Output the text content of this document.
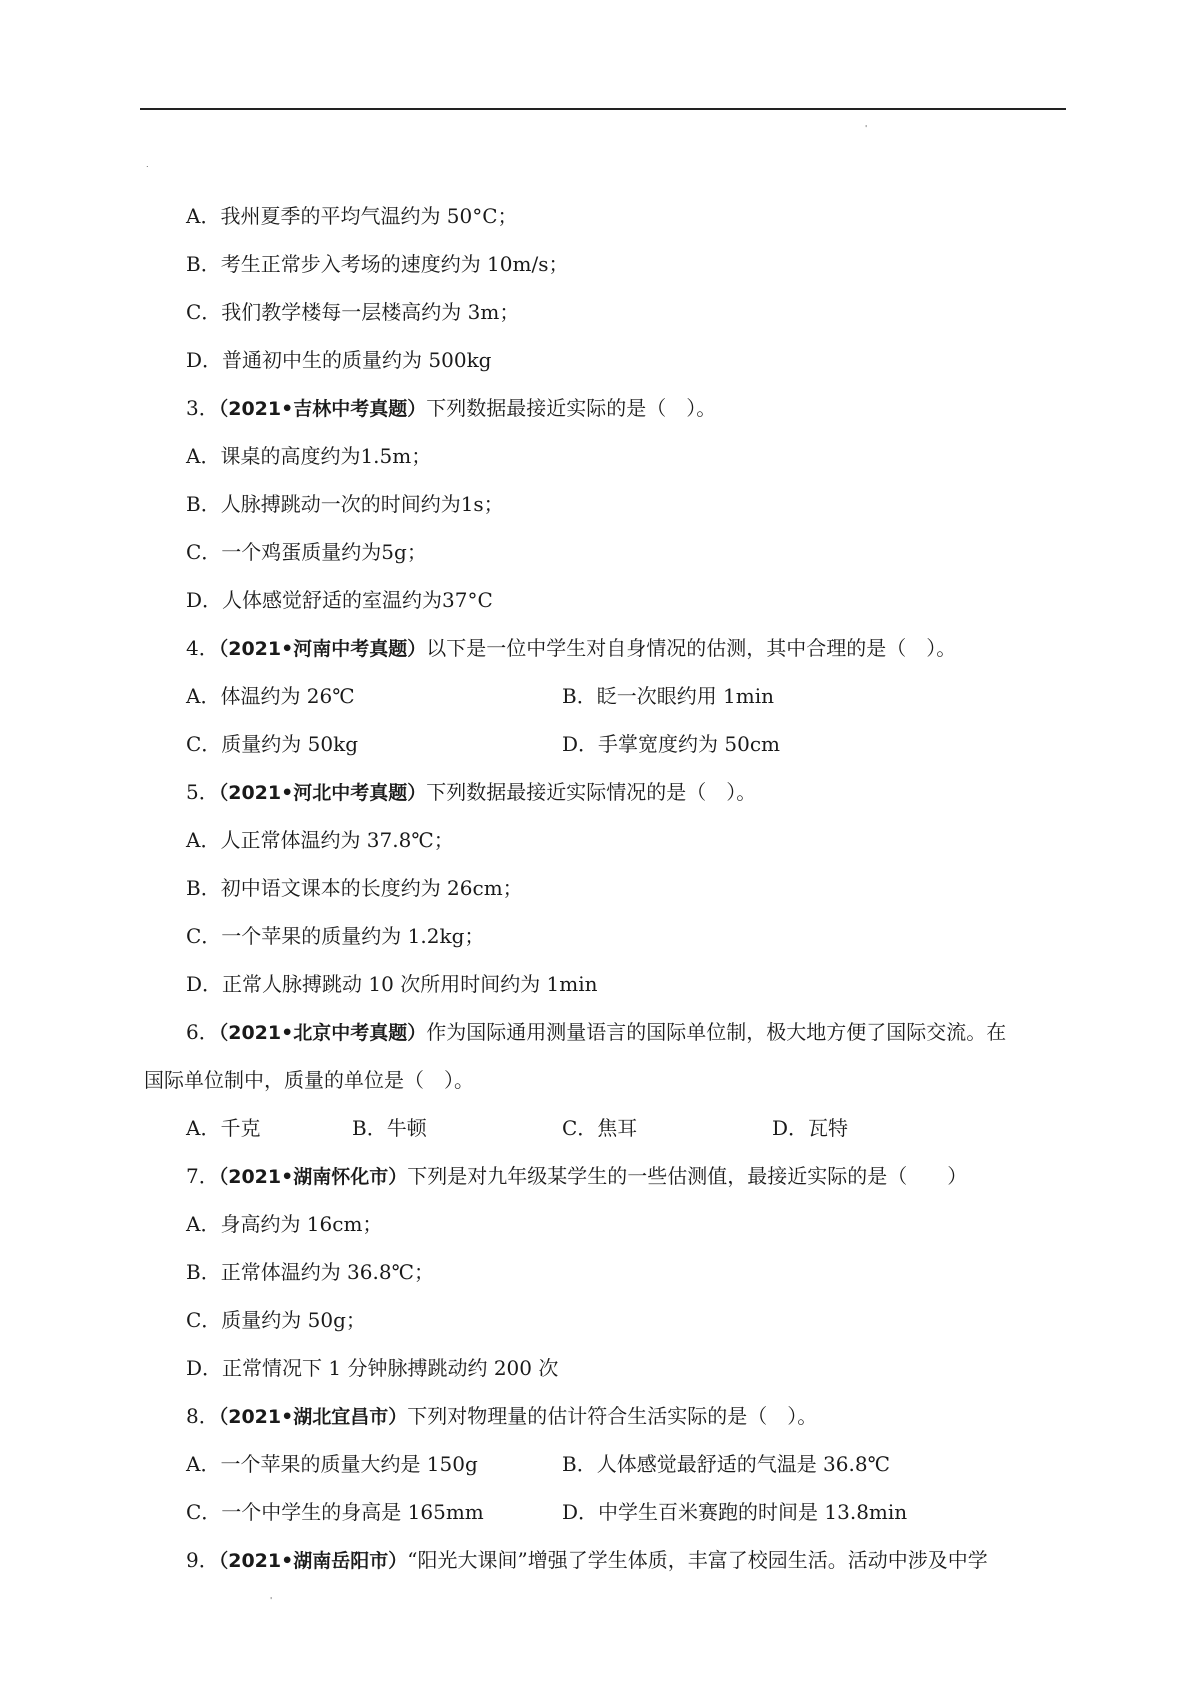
'
.
A．我州夏季的平均气温约为 50°C；
B．考生正常步入考场的速度约为 10m/s；
C．我们教学楼每一层楼高约为 3m；
D．普通初中生的质量约为 500kg
3．（2021•吉林中考真题）下列数据最接近实际的是（　）。
A．课桌的高度约为1.5m；
B．人脉搏跳动一次的时间约为1s；
C．一个鸡蛋质量约为5g；
D．人体感觉舒适的室温约为37°C
4．（2021•河南中考真题）以下是一位中学生对自身情况的估测，其中合理的是（　）。
A．体温约为 26℃	B．眨一次眼约用 1min
C．质量约为 50kg	D．手掌宽度约为 50cm
5．（2021•河北中考真题）下列数据最接近实际情况的是（　）。
A．人正常体温约为 37.8℃；
B．初中语文课本的长度约为 26cm；
C．一个苹果的质量约为 1.2kg；
D．正常人脉搏跳动 10 次所用时间约为 1min
6．（2021•北京中考真题）作为国际通用测量语言的国际单位制，极大地方便了国际交流。在
国际单位制中，质量的单位是（　）。
A．千克	B．牛顿	C．焦耳	D．瓦特
7．（2021•湖南怀化市）下列是对九年级某学生的一些估测值，最接近实际的是（　　）
A．身高约为 16cm；
B．正常体温约为 36.8℃；
C．质量约为 50g；
D．正常情况下 1 分钟脉搏跳动约 200 次
8．（2021•湖北宜昌市）下列对物理量的估计符合生活实际的是（　）。
A．一个苹果的质量大约是 150g	B．人体感觉最舒适的气温是 36.8℃
C．一个中学生的身高是 165mm	D．中学生百米赛跑的时间是 13.8min
9．（2021•湖南岳阳市）“阳光大课间”增强了学生体质，丰富了校园生活。活动中涉及中学
'
